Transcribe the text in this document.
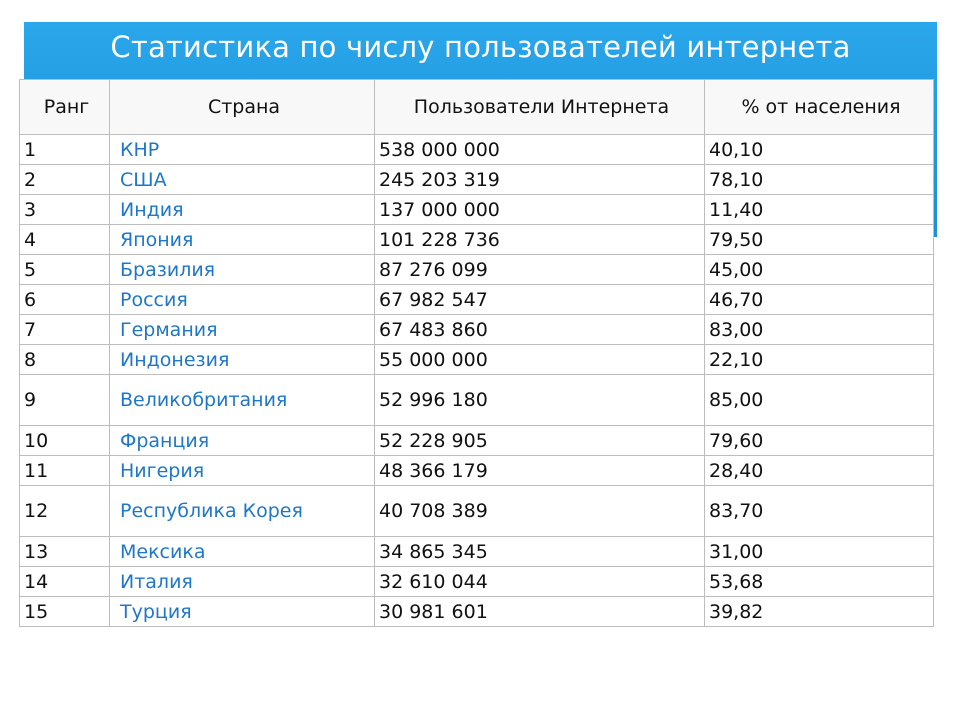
Статистика по числу пользователей интернета
Ранг	Страна	Пользователи Интернета	% от населения
1	КНР	538 000 000	40,10
2	США	245 203 319	78,10
3	Индия	137 000 000	11,40
4	Япония	101 228 736	79,50
5	Бразилия	87 276 099	45,00
6	Россия	67 982 547	46,70
7	Германия	67 483 860	83,00
8	Индонезия	55 000 000	22,10
9	Великобритания	52 996 180	85,00
10	Франция	52 228 905	79,60
11	Нигерия	48 366 179	28,40
12	Республика Корея	40 708 389	83,70
13	Мексика	34 865 345	31,00
14	Италия	32 610 044	53,68
15	Турция	30 981 601	39,82
